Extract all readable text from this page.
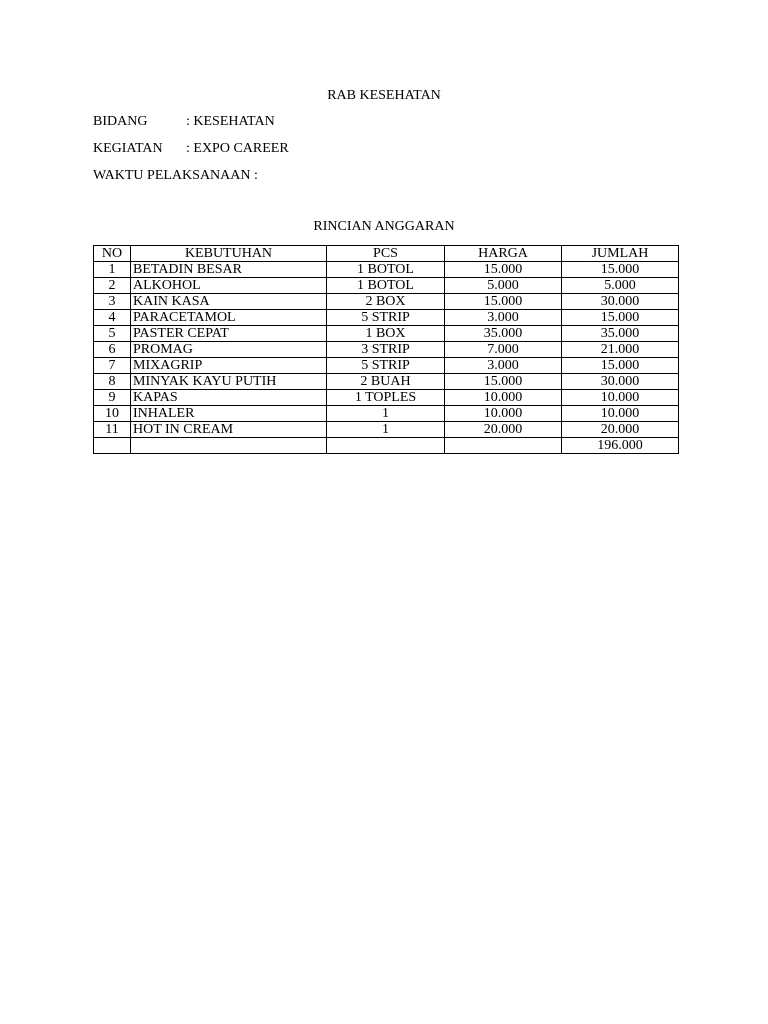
RAB KESEHATAN
BIDANG	: KESEHATAN
KEGIATAN : EXPO CAREER
WAKTU PELAKSANAAN :
RINCIAN ANGGARAN
NO	KEBUTUHAN	PCS	HARGA	JUMLAH
1	BETADIN BESAR	1 BOTOL	15.000	15.000
2	ALKOHOL	1 BOTOL	5.000	5.000
3	KAIN KASA	2 BOX	15.000	30.000
4	PARACETAMOL	5 STRIP	3.000	15.000
5	PASTER CEPAT	1 BOX	35.000	35.000
6	PROMAG	3 STRIP	7.000	21.000
7	MIXAGRIP	5 STRIP	3.000	15.000
8	MINYAK KAYU PUTIH	2 BUAH	15.000	30.000
9	KAPAS	1 TOPLES	10.000	10.000
10	INHALER	1	10.000	10.000
11	HOT IN CREAM	1	20.000	20.000
				196.000
